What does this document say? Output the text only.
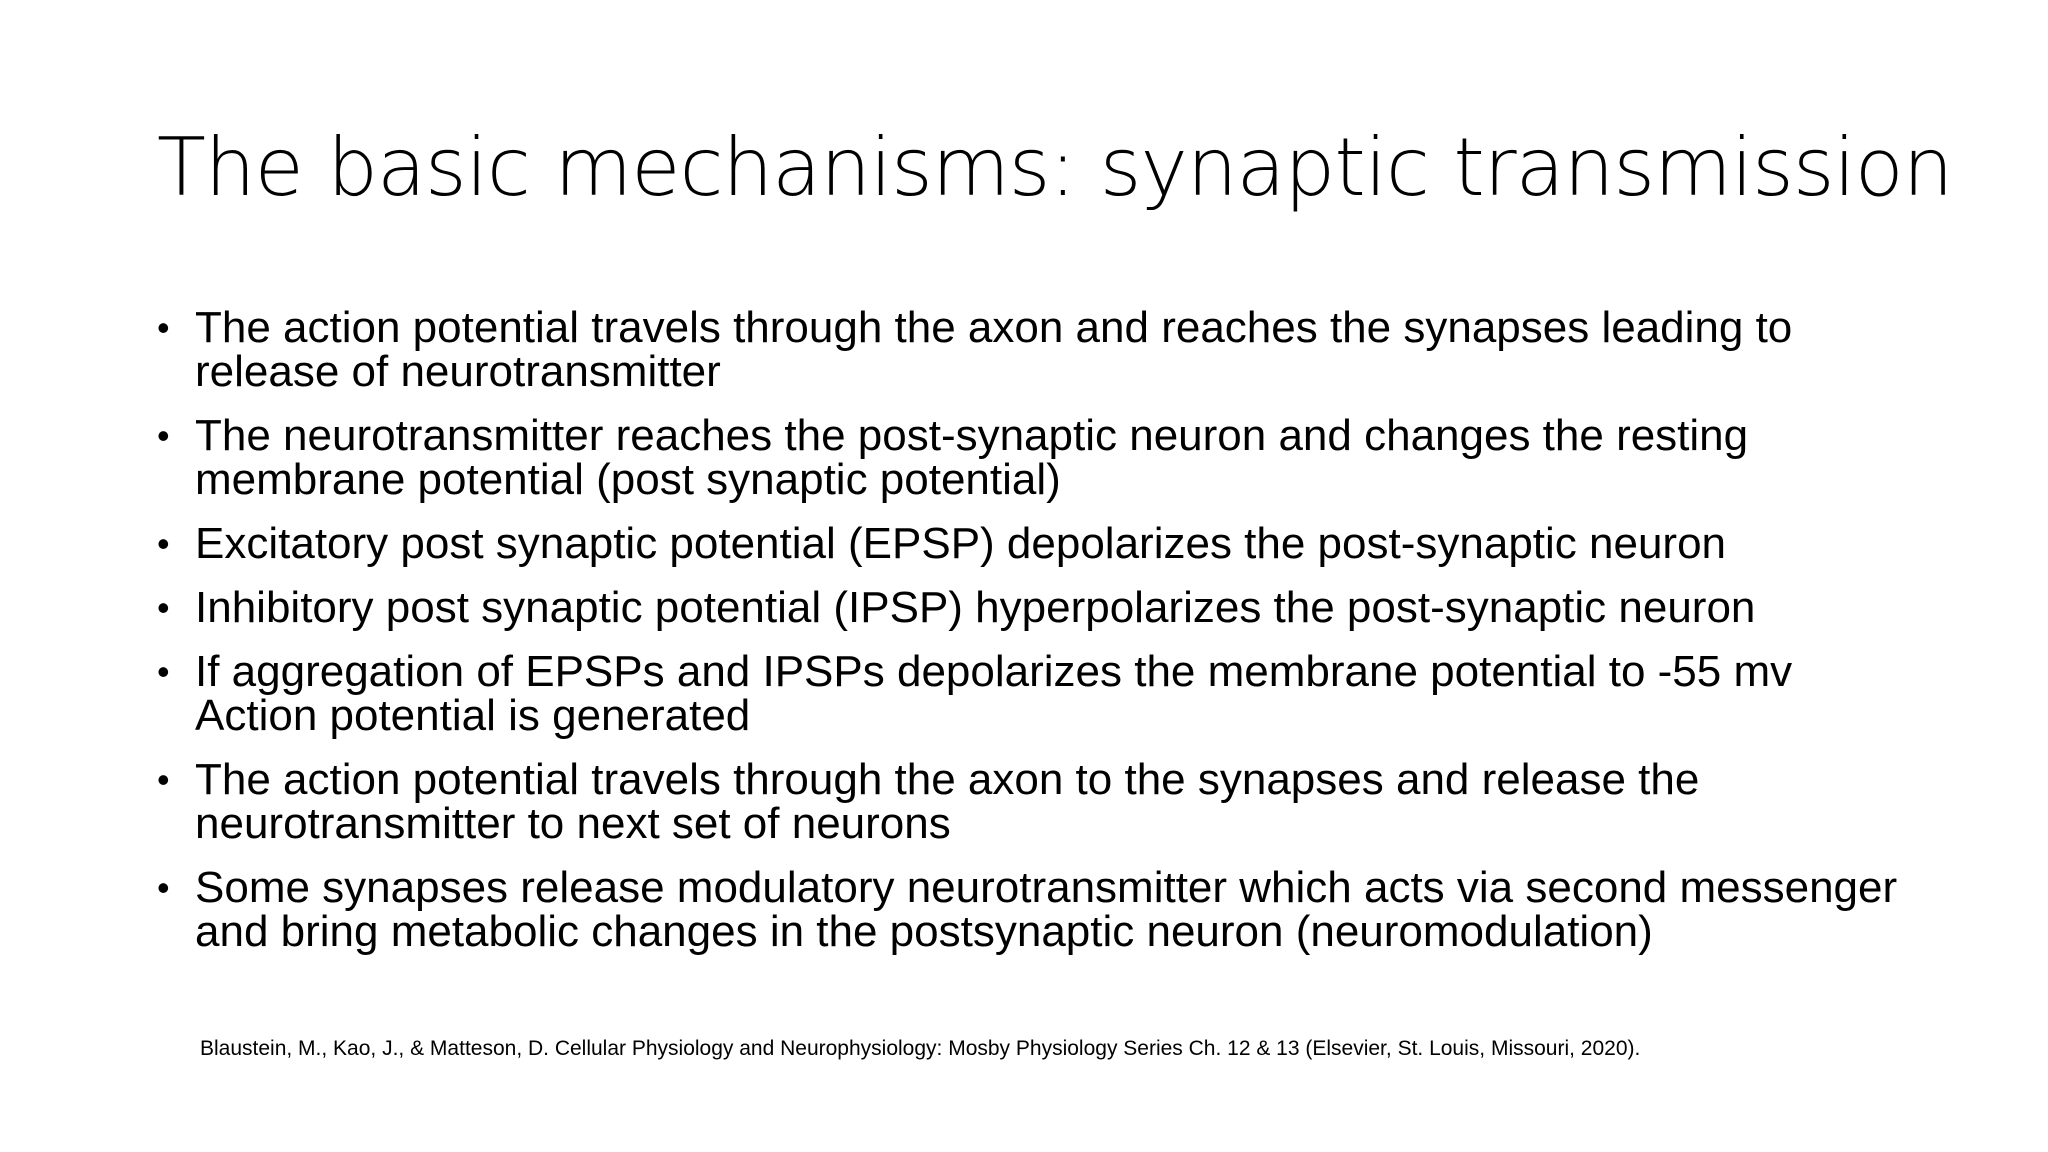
The basic mechanisms: synaptic transmission
• The action potential travels through the axon and reaches the synapses leading to release of neurotransmitter
• The neurotransmitter reaches the post-synaptic neuron and changes the resting membrane potential (post synaptic potential)
• Excitatory post synaptic potential (EPSP) depolarizes the post-synaptic neuron
• Inhibitory post synaptic potential (IPSP) hyperpolarizes the post-synaptic neuron
• If aggregation of EPSPs and IPSPs depolarizes the membrane potential to -55 mv Action potential is generated
• The action potential travels through the axon to the synapses and release the neurotransmitter to next set of neurons
• Some synapses release modulatory neurotransmitter which acts via second messenger and bring metabolic changes in the postsynaptic neuron (neuromodulation)

Blaustein, M., Kao, J., & Matteson, D. Cellular Physiology and Neurophysiology: Mosby Physiology Series Ch. 12 & 13 (Elsevier, St. Louis, Missouri, 2020).
